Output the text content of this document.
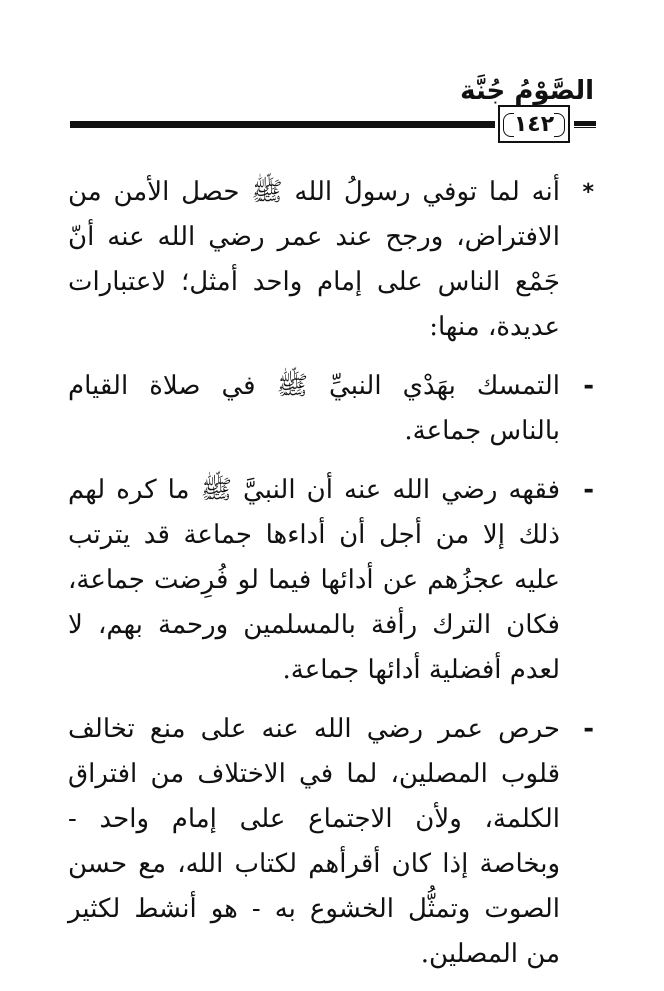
الصَّوْمُ جُنَّة
١٤٢

*
أنه لما توفي رسولُ الله ﷺ حصل الأمن من الافتراض، ورجح عند عمر رضي الله عنه أنّ جَمْع الناس على إمام واحد أمثل؛ لاعتبارات عديدة، منها:

-
التمسك بهَدْي النبيِّ ﷺ في صلاة القيام بالناس جماعة.

-
فقهه رضي الله عنه أن النبيَّ ﷺ ما كره لهم ذلك إلا من أجل أن أداءها جماعة قد يترتب عليه عجزُهم عن أدائها فيما لو فُرِضت جماعة، فكان الترك رأفة بالمسلمين ورحمة بهم، لا لعدم أفضلية أدائها جماعة.

-
حرص عمر رضي الله عنه على منع تخالف قلوب المصلين، لما في الاختلاف من افتراق الكلمة، ولأن الاجتماع على إمام واحد - وبخاصة إذا كان أقرأهم لكتاب الله، مع حسن الصوت وتمثُّل الخشوع به - هو أنشط لكثير من المصلين.
